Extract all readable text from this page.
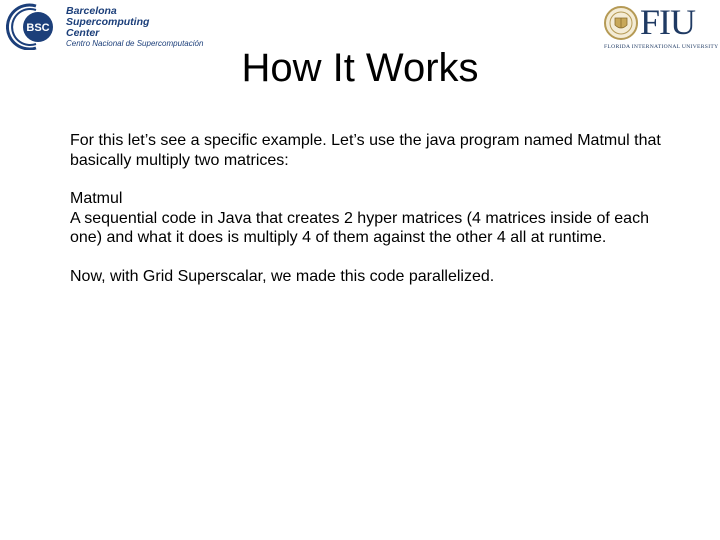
BSC
Barcelona
Supercomputing
Center
Centro Nacional de Supercomputación
FIU
FLORIDA INTERNATIONAL UNIVERSITY
How It Works

For this let’s see a specific example. Let’s use the java program named Matmul that basically multiply two matrices:

Matmul
A sequential code in Java that creates 2 hyper matrices (4 matrices inside of each one) and what it does is multiply 4 of them against the other 4 all at runtime.

Now, with Grid Superscalar, we made this code parallelized.
